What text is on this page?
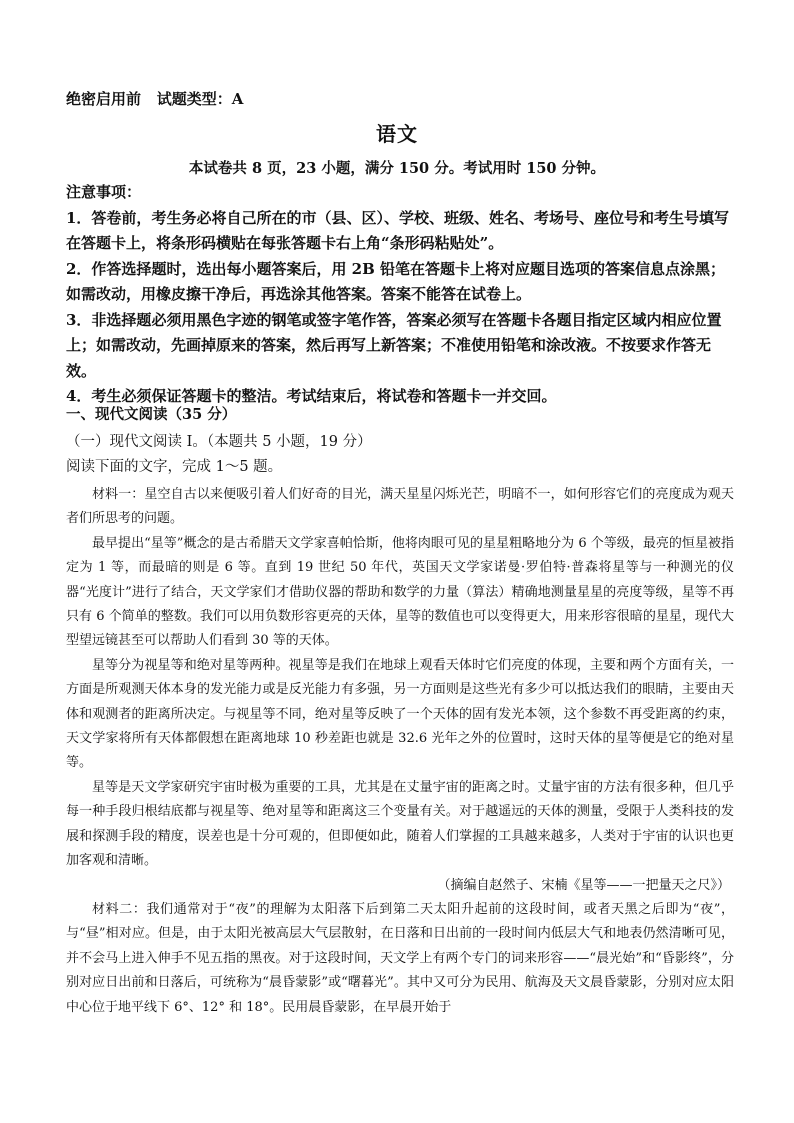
绝密启用前 试题类型：A
语文
本试卷共 8 页，23 小题，满分 150 分。考试用时 150 分钟。

注意事项：

1．答卷前，考生务必将自己所在的市（县、区）、学校、班级、姓名、考场号、座位号和考生号填写在答题卡上，将条形码横贴在每张答题卡右上角“条形码粘贴处”。

2．作答选择题时，选出每小题答案后，用 2B 铅笔在答题卡上将对应题目选项的答案信息点涂黑；如需改动，用橡皮擦干净后，再选涂其他答案。答案不能答在试卷上。

3．非选择题必须用黑色字迹的钢笔或签字笔作答，答案必须写在答题卡各题目指定区域内相应位置上；如需改动，先画掉原来的答案，然后再写上新答案；不准使用铅笔和涂改液。不按要求作答无效。

4．考生必须保证答题卡的整洁。考试结束后，将试卷和答题卡一并交回。

一、现代文阅读（35 分）
（一）现代文阅读 Ⅰ。（本题共 5 小题，19 分）
阅读下面的文字，完成 1～5 题。

材料一：星空自古以来便吸引着人们好奇的目光，满天星星闪烁光芒，明暗不一，如何形容它们的亮度成为观天者们所思考的问题。

最早提出“星等”概念的是古希腊天文学家喜帕恰斯，他将肉眼可见的星星粗略地分为 6 个等级，最亮的恒星被指定为 1 等，而最暗的则是 6 等。直到 19 世纪 50 年代，英国天文学家诺曼·罗伯特·普森将星等与一种测光的仪器“光度计”进行了结合，天文学家们才借助仪器的帮助和数学的力量（算法）精确地测量星星的亮度等级，星等不再只有 6 个简单的整数。我们可以用负数形容更亮的天体，星等的数值也可以变得更大，用来形容很暗的星星，现代大型望远镜甚至可以帮助人们看到 30 等的天体。

星等分为视星等和绝对星等两种。视星等是我们在地球上观看天体时它们亮度的体现，主要和两个方面有关，一方面是所观测天体本身的发光能力或是反光能力有多强，另一方面则是这些光有多少可以抵达我们的眼睛，主要由天体和观测者的距离所决定。与视星等不同，绝对星等反映了一个天体的固有发光本领，这个参数不再受距离的约束，天文学家将所有天体都假想在距离地球 10 秒差距也就是 32.6 光年之外的位置时，这时天体的星等便是它的绝对星等。

星等是天文学家研究宇宙时极为重要的工具，尤其是在丈量宇宙的距离之时。丈量宇宙的方法有很多种，但几乎每一种手段归根结底都与视星等、绝对星等和距离这三个变量有关。对于越遥远的天体的测量，受限于人类科技的发展和探测手段的精度，误差也是十分可观的，但即便如此，随着人们掌握的工具越来越多，人类对于宇宙的认识也更加客观和清晰。

（摘编自赵然子、宋楠《星等——一把量天之尺》）

材料二：我们通常对于“夜”的理解为太阳落下后到第二天太阳升起前的这段时间，或者天黑之后即为“夜”，与“昼”相对应。但是，由于太阳光被高层大气层散射，在日落和日出前的一段时间内低层大气和地表仍然清晰可见，并不会马上进入伸手不见五指的黑夜。对于这段时间，天文学上有两个专门的词来形容——“晨光始”和“昏影终”，分别对应日出前和日落后，可统称为“晨昏蒙影”或“曙暮光”。其中又可分为民用、航海及天文晨昏蒙影，分别对应太阳中心位于地平线下 6°、12° 和 18°。民用晨昏蒙影，在早晨开始于
